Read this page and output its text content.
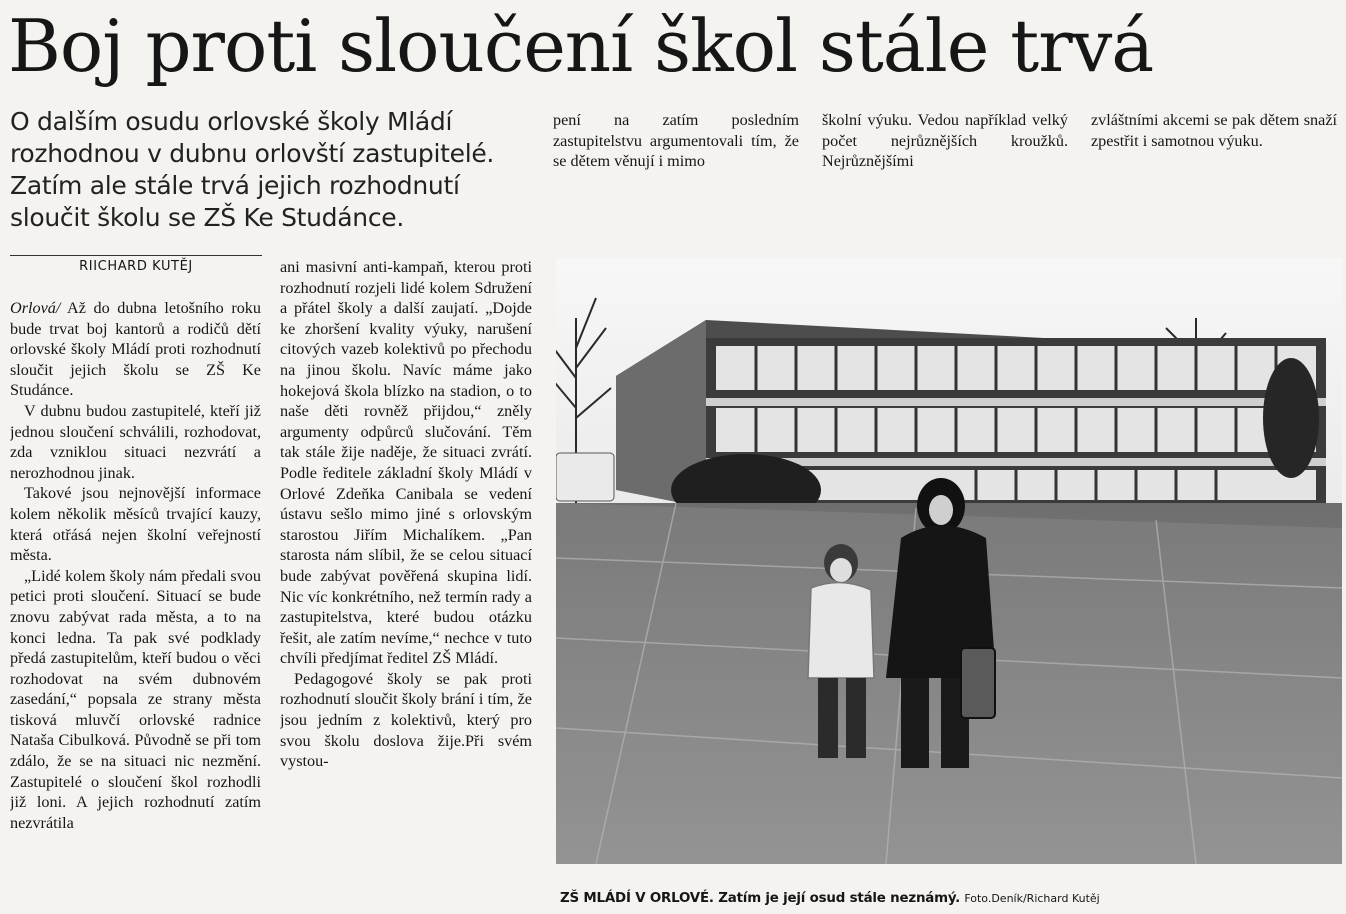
Boj proti sloučení škol stále trvá

O dalším osudu orlovské školy Mládí rozhodnou v dubnu orlovští zastupitelé. Zatím ale stále trvá jejich rozhodnutí sloučit školu se ZŠ Ke Studánce.

RIICHARD KUTĚJ

Orlová/ Až do dubna letošního roku bude trvat boj kantorů a rodičů dětí orlovské školy Mládí proti rozhodnutí sloučit jejich školu se ZŠ Ke Studánce.

V dubnu budou zastupitelé, kteří již jednou sloučení schválili, rozhodovat, zda vzniklou situaci nezvrátí a nerozhodnou jinak.

Takové jsou nejnovější informace kolem několik měsíců trvající kauzy, která otřásá nejen školní veřejností města.

„Lidé kolem školy nám předali svou petici proti sloučení. Situací se bude znovu zabývat rada města, a to na konci ledna. Ta pak své podklady předá zastupitelům, kteří budou o věci rozhodovat na svém dubnovém zasedání,“ popsala ze strany města tisková mluvčí orlovské radnice Nataša Cibulková. Původně se při tom zdálo, že se na situaci nic nezmění. Zastupitelé o sloučení škol rozhodli již loni. A jejich rozhodnutí zatím nezvrátila

ani masivní anti-kampaň, kterou proti rozhodnutí rozjeli lidé kolem Sdružení a přátel školy a další zaujatí. „Dojde ke zhoršení kvality výuky, narušení citových vazeb kolektivů po přechodu na jinou školu. Navíc máme jako hokejová škola blízko na stadion, o to naše děti rovněž přijdou,“ zněly argumenty odpůrců slučování. Těm tak stále žije naděje, že situaci zvrátí. Podle ředitele základní školy Mládí v Orlové Zdeňka Canibala se vedení ústavu sešlo mimo jiné s orlovským starostou Jiřím Michalíkem. „Pan starosta nám slíbil, že se celou situací bude zabývat pověřená skupina lidí. Nic víc konkrétního, než termín rady a zastupitelstva, které budou otázku řešit, ale zatím nevíme,“ nechce v tuto chvíli předjímat ředitel ZŠ Mládí.

Pedagogové školy se pak proti rozhodnutí sloučit školy brání i tím, že jsou jedním z kolektivů, který pro svou školu doslova žije.Při svém vystou-

pení na zatím posledním zastupitelstvu argumentovali tím, že se dětem věnují i mimo

školní výuku. Vedou například velký počet nejrůznějších kroužků. Nejrůznějšími

zvláštními akcemi se pak dětem snaží zpestřit i samotnou výuku.

ZŠ MLÁDÍ V ORLOVÉ. Zatím je její osud stále neznámý. Foto.Deník/Richard Kutěj
